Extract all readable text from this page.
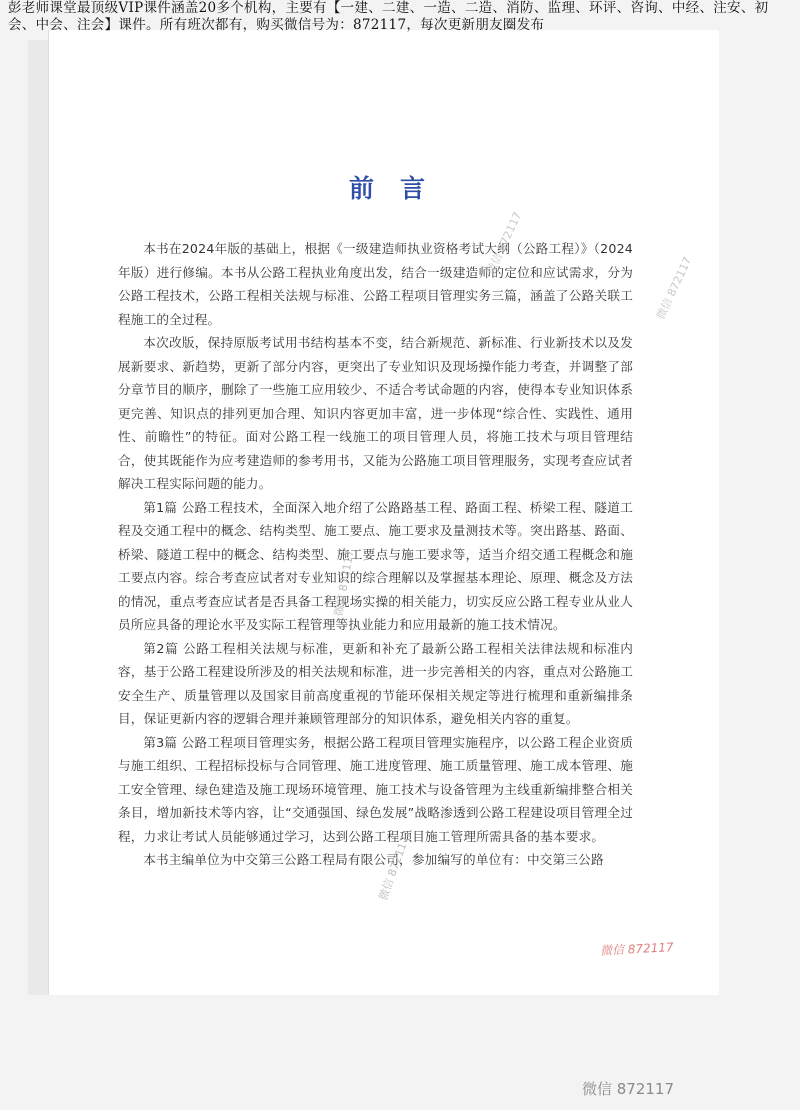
彭老师课堂最顶级VIP课件涵盖20多个机构，主要有【一建、二建、一造、二造、消防、监理、环评、咨询、中经、注安、初会、中会、注会】课件。所有班次都有，购买微信号为：872117，每次更新朋友圈发布
前言

本书在2024年版的基础上，根据《一级建造师执业资格考试大纲（公路工程）》（2024年版）进行修编。本书从公路工程执业角度出发，结合一级建造师的定位和应试需求，分为公路工程技术，公路工程相关法规与标准、公路工程项目管理实务三篇，涵盖了公路关联工程施工的全过程。

本次改版，保持原版考试用书结构基本不变，结合新规范、新标准、行业新技术以及发展新要求、新趋势，更新了部分内容，更突出了专业知识及现场操作能力考查，并调整了部分章节目的顺序，删除了一些施工应用较少、不适合考试命题的内容，使得本专业知识体系更完善、知识点的排列更加合理、知识内容更加丰富，进一步体现“综合性、实践性、通用性、前瞻性”的特征。面对公路工程一线施工的项目管理人员，将施工技术与项目管理结合，使其既能作为应考建造师的参考用书，又能为公路施工项目管理服务，实现考查应试者解决工程实际问题的能力。

第1篇 公路工程技术，全面深入地介绍了公路路基工程、路面工程、桥梁工程、隧道工程及交通工程中的概念、结构类型、施工要点、施工要求及量测技术等。突出路基、路面、桥梁、隧道工程中的概念、结构类型、施工要点与施工要求等，适当介绍交通工程概念和施工要点内容。综合考查应试者对专业知识的综合理解以及掌握基本理论、原理、概念及方法的情况，重点考查应试者是否具备工程现场实操的相关能力，切实反应公路工程专业从业人员所应具备的理论水平及实际工程管理等执业能力和应用最新的施工技术情况。

第2篇 公路工程相关法规与标准，更新和补充了最新公路工程相关法律法规和标准内容，基于公路工程建设所涉及的相关法规和标准，进一步完善相关的内容，重点对公路施工安全生产、质量管理以及国家目前高度重视的节能环保相关规定等进行梳理和重新编排条目，保证更新内容的逻辑合理并兼顾管理部分的知识体系，避免相关内容的重复。

第3篇 公路工程项目管理实务，根据公路工程项目管理实施程序，以公路工程企业资质与施工组织、工程招标投标与合同管理、施工进度管理、施工质量管理、施工成本管理、施工安全管理、绿色建造及施工现场环境管理、施工技术与设备管理为主线重新编排整合相关条目，增加新技术等内容，让“交通强国、绿色发展”战略渗透到公路工程建设项目管理全过程，力求让考试人员能够通过学习，达到公路工程项目施工管理所需具备的基本要求。

本书主编单位为中交第三公路工程局有限公司，参加编写的单位有：中交第三公路

微信 872117
微信 872117
微信 872117
微信 872117
微信 872117
微信 872117
